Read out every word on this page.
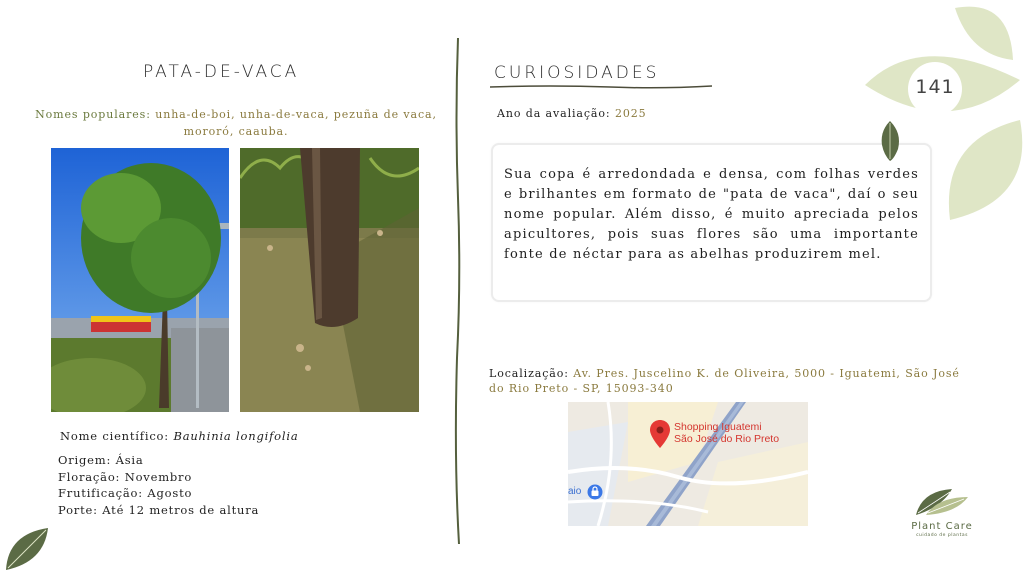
PATA-DE-VACA
Nomes populares: unha-de-boi, unha-de-vaca, pezuña de vaca, mororó, caauba.
Nome científico: Bauhinia longifolia
Origem: Ásia
Floração: Novembro
Frutificação: Agosto
Porte: Até 12 metros de altura
CURIOSIDADES
Ano da avaliação: 2025
Sua copa é arredondada e densa, com folhas verdes e brilhantes em formato de "pata de vaca", daí o seu nome popular. Além disso, é muito apreciada pelos apicultores, pois suas flores são uma importante fonte de néctar para as abelhas produzirem mel.
Localização: Av. Pres. Juscelino K. de Oliveira, 5000 - Iguatemi, São José do Rio Preto - SP, 15093-340
Shopping Iguatemi
São José do Rio Preto
aio
141
Plant Care
cuidado de plantas
